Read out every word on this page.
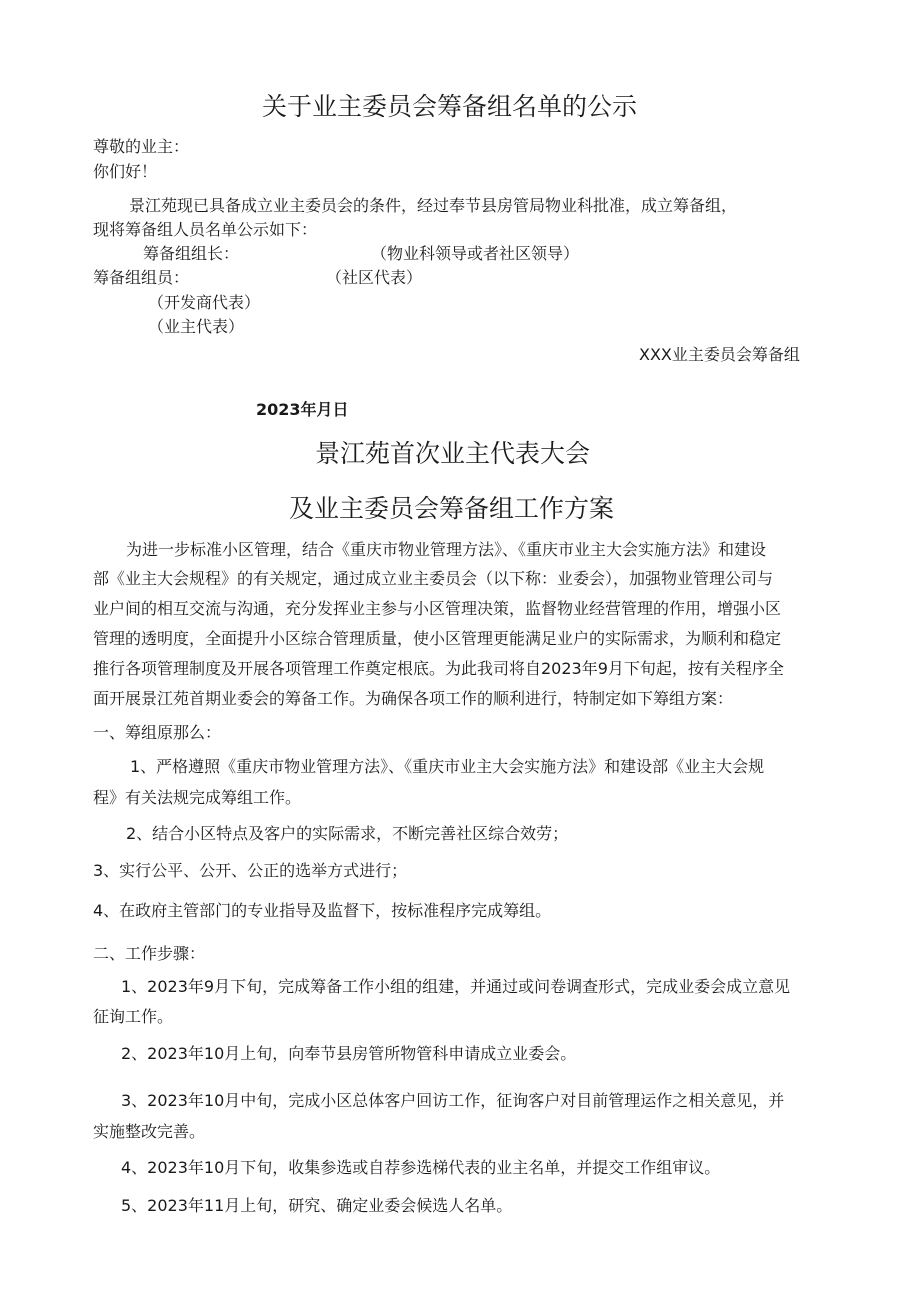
关于业主委员会筹备组名单的公示
尊敬的业主：
你们好！
景江苑现已具备成立业主委员会的条件，经过奉节县房管局物业科批准，成立筹备组，
现将筹备组人员名单公示如下：
筹备组组长：	（物业科领导或者社区领导）
筹备组组员：	（社区代表）
（开发商代表）
（业主代表）
XXX业主委员会筹备组
2023年月日
景江苑首次业主代表大会
及业主委员会筹备组工作方案
为进一步标准小区管理，结合《重庆市物业管理方法》、《重庆市业主大会实施方法》和建设
部《业主大会规程》的有关规定，通过成立业主委员会（以下称：业委会），加强物业管理公司与
业户间的相互交流与沟通，充分发挥业主参与小区管理决策，监督物业经营管理的作用，增强小区
管理的透明度，全面提升小区综合管理质量，使小区管理更能满足业户的实际需求，为顺利和稳定
推行各项管理制度及开展各项管理工作奠定根底。为此我司将自2023年9月下旬起，按有关程序全
面开展景江苑首期业委会的筹备工作。为确保各项工作的顺利进行，特制定如下筹组方案：
一、筹组原那么：
1、严格遵照《重庆市物业管理方法》、《重庆市业主大会实施方法》和建设部《业主大会规
程》有关法规完成筹组工作。
2、结合小区特点及客户的实际需求，不断完善社区综合效劳；
3、实行公平、公开、公正的选举方式进行；
4、在政府主管部门的专业指导及监督下，按标准程序完成筹组。
二、工作步骤：
1、2023年9月下旬，完成筹备工作小组的组建，并通过或问卷调查形式，完成业委会成立意见
征询工作。
2、2023年10月上旬，向奉节县房管所物管科申请成立业委会。
3、2023年10月中旬，完成小区总体客户回访工作，征询客户对目前管理运作之相关意见，并
实施整改完善。
4、2023年10月下旬，收集参选或自荐参选梯代表的业主名单，并提交工作组审议。
5、2023年11月上旬，研究、确定业委会候选人名单。
